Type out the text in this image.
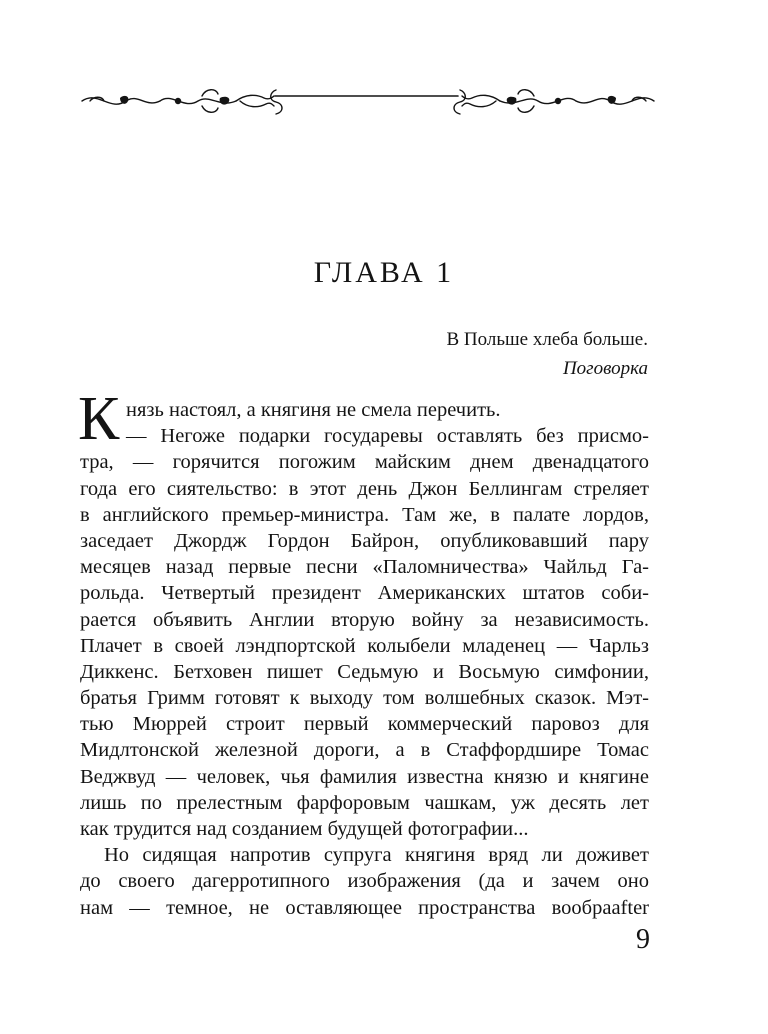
ГЛАВА 1
В Польше хлеба больше.
Поговорка
К нязь настоял, а княгиня не смела перечить.
— Негоже подарки государевы оставлять без присмо-
тра, — горячится погожим майским днем двенадцатого
года его сиятельство: в этот день Джон Беллингам стреляет
в английского премьер-министра. Там же, в палате лордов,
заседает Джордж Гордон Байрон, опубликовавший пару
месяцев назад первые песни «Паломничества» Чайльд Га-
рольда. Четвертый президент Американских штатов соби-
рается объявить Англии вторую войну за независимость.
Плачет в своей лэндпортской колыбели младенец — Чарльз
Диккенс. Бетховен пишет Седьмую и Восьмую симфонии,
братья Гримм готовят к выходу том волшебных сказок. Мэт-
тью Мюррей строит первый коммерческий паровоз для
Мидлтонской железной дороги, а в Стаффордшире Томас
Веджвуд — человек, чья фамилия известна князю и княгине
лишь по прелестным фарфоровым чашкам, уж десять лет
как трудится над созданием будущей фотографии...
Но сидящая напротив супруга княгиня вряд ли доживет
до своего дагерротипного изображения (да и зачем оно
нам — темное, не оставляющее пространства вообраafter
9
